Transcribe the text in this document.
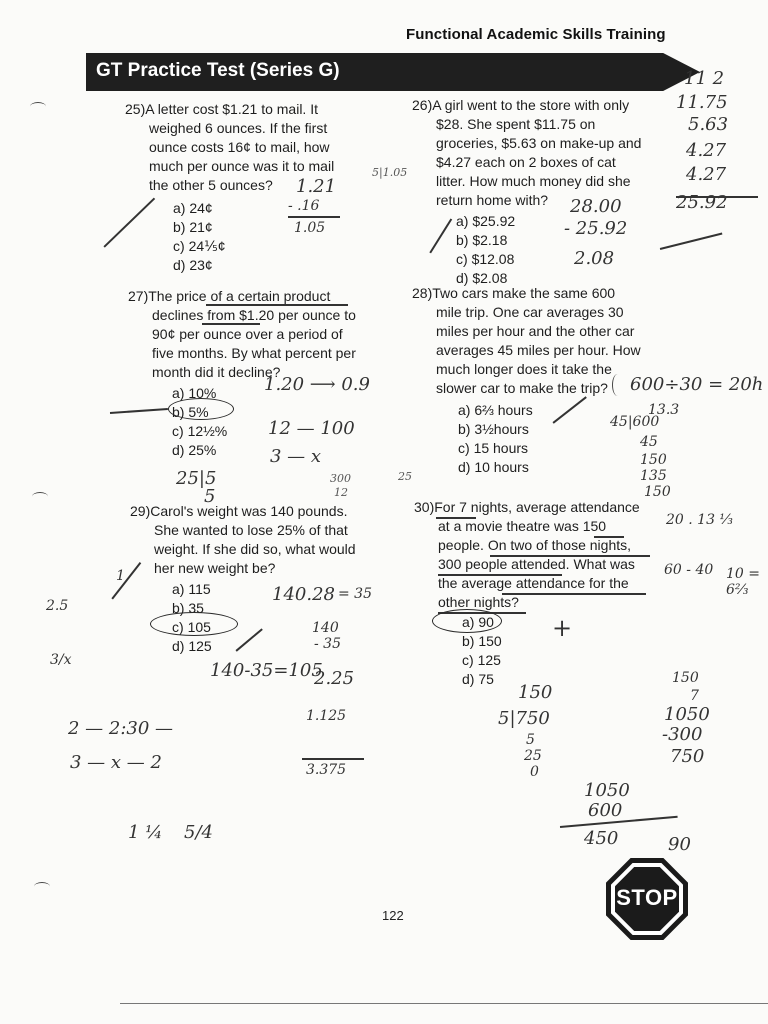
Functional Academic Skills Training
GT Practice Test (Series G)
25)A letter cost $1.21 to mail. It
weighed 6 ounces. If the first
ounce costs 16¢ to mail, how
much per ounce was it to mail
the other 5 ounces?
a) 24¢
b) 21¢
c) 24⅕¢
d) 23¢
26)A girl went to the store with only
$28. She spent $11.75 on
groceries, $5.63 on make-up and
$4.27 each on 2 boxes of cat
litter. How much money did she
return home with?
a) $25.92
b) $2.18
c) $12.08
d) $2.08
27)The price of a certain product
declines from $1.20 per ounce to
90¢ per ounce over a period of
five months. By what percent per
month did it decline?
a) 10%
b) 5%
c) 12½%
d) 25%
28)Two cars make the same 600
mile trip. One car averages 30
miles per hour and the other car
averages 45 miles per hour. How
much longer does it take the
slower car to make the trip?
a) 6⅔ hours
b) 3½hours
c) 15 hours
d) 10 hours
29)Carol's weight was 140 pounds.
She wanted to lose 25% of that
weight. If she did so, what would
her new weight be?
a) 115
b) 35
c) 105
d) 125
30)For 7 nights, average attendance
at a movie theatre was 150
people. On two of those nights,
300 people attended. What was
the average attendance for the
other nights?
a) 90
b) 150
c) 125
d) 75
1.21
- .16
1.05
5|1.05
11 2
11.75
5.63
4.27
4.27
25.92
28.00
- 25.92
2.08
1.20 ⟶ 0.9
12 — 100
3 — x
25|5
5
300
12
25
600÷30 = 20h
45|600
13.3
45
150
135
150
140.28 = 35
140
- 35
140-35=105
2.25
1.125
3.375
2 — 2:30 —
3 — x — 2
1 ¼ 5/4
3/x
2.5
20 . 13 ⅓
60 - 40 10 = 6⅔
150
5|750
5
25
0
150
7
1050
-300
750
1050
600
450	90
+
1
STOP
122
